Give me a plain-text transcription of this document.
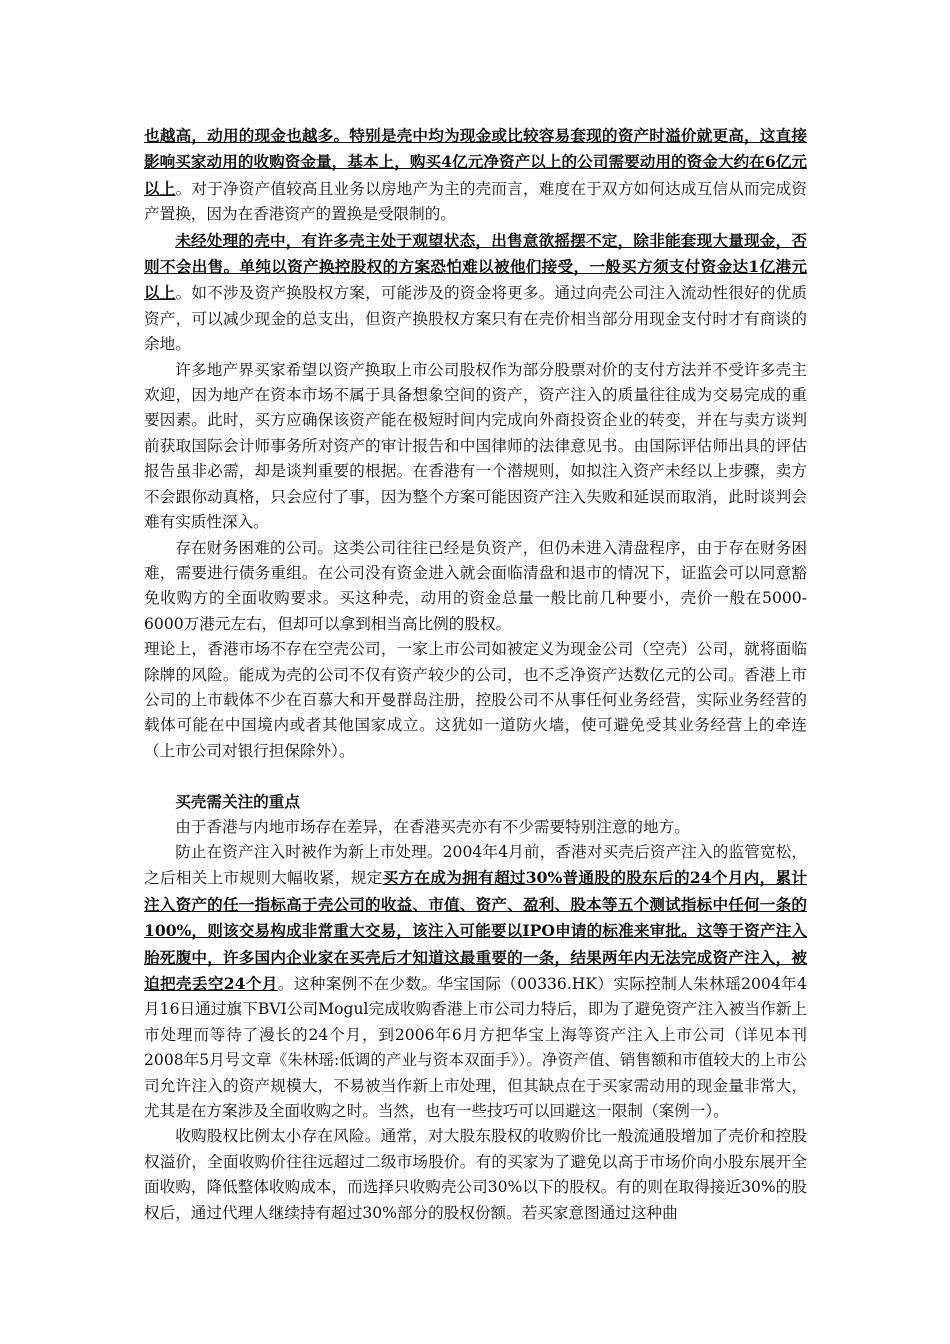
也越高，动用的现金也越多。特别是壳中均为现金或比较容易套现的资产时溢价就更高，这直接影响买家动用的收购资金量，基本上，购买4亿元净资产以上的公司需要动用的资金大约在6亿元以上。对于净资产值较高且业务以房地产为主的壳而言，难度在于双方如何达成互信从而完成资产置换，因为在香港资产的置换是受限制的。

未经处理的壳中，有许多壳主处于观望状态，出售意欲摇摆不定，除非能套现大量现金，否则不会出售。单纯以资产换控股权的方案恐怕难以被他们接受，一般买方须支付资金达1亿港元以上。如不涉及资产换股权方案，可能涉及的资金将更多。通过向壳公司注入流动性很好的优质资产，可以减少现金的总支出，但资产换股权方案只有在壳价相当部分用现金支付时才有商谈的余地。

许多地产界买家希望以资产换取上市公司股权作为部分股票对价的支付方法并不受许多壳主欢迎，因为地产在资本市场不属于具备想象空间的资产，资产注入的质量往往成为交易完成的重要因素。此时，买方应确保该资产能在极短时间内完成向外商投资企业的转变，并在与卖方谈判前获取国际会计师事务所对资产的审计报告和中国律师的法律意见书。由国际评估师出具的评估报告虽非必需，却是谈判重要的根据。在香港有一个潜规则，如拟注入资产未经以上步骤，卖方不会跟你动真格，只会应付了事，因为整个方案可能因资产注入失败和延误而取消，此时谈判会难有实质性深入。

存在财务困难的公司。这类公司往往已经是负资产，但仍未进入清盘程序，由于存在财务困难，需要进行债务重组。在公司没有资金进入就会面临清盘和退市的情况下，证监会可以同意豁免收购方的全面收购要求。买这种壳，动用的资金总量一般比前几种要小，壳价一般在5000-6000万港元左右，但却可以拿到相当高比例的股权。

理论上，香港市场不存在空壳公司，一家上市公司如被定义为现金公司（空壳）公司，就将面临除牌的风险。能成为壳的公司不仅有资产较少的公司，也不乏净资产达数亿元的公司。香港上市公司的上市载体不少在百慕大和开曼群岛注册，控股公司不从事任何业务经营，实际业务经营的载体可能在中国境内或者其他国家成立。这犹如一道防火墙，使可避免受其业务经营上的牵连（上市公司对银行担保除外）。

买壳需关注的重点

由于香港与内地市场存在差异，在香港买壳亦有不少需要特别注意的地方。

防止在资产注入时被作为新上市处理。2004年4月前，香港对买壳后资产注入的监管宽松，之后相关上市规则大幅收紧，规定买方在成为拥有超过30%普通股的股东后的24个月内，累计注入资产的任一指标高于壳公司的收益、市值、资产、盈利、股本等五个测试指标中任何一条的100%，则该交易构成非常重大交易，该注入可能要以IPO申请的标准来审批。这等于资产注入胎死腹中，许多国内企业家在买壳后才知道这最重要的一条，结果两年内无法完成资产注入，被迫把壳丢空24个月。这种案例不在少数。华宝国际（00336.HK）实际控制人朱林瑶2004年4月16日通过旗下BVI公司Mogul完成收购香港上市公司力特后，即为了避免资产注入被当作新上市处理而等待了漫长的24个月，到2006年6月方把华宝上海等资产注入上市公司（详见本刊2008年5月号文章《朱林瑶:低调的产业与资本双面手》）。净资产值、销售额和市值较大的上市公司允许注入的资产规模大，不易被当作新上市处理，但其缺点在于买家需动用的现金量非常大，尤其是在方案涉及全面收购之时。当然，也有一些技巧可以回避这一限制（案例一）。

收购股权比例太小存在风险。通常，对大股东股权的收购价比一般流通股增加了壳价和控股权溢价，全面收购价往往远超过二级市场股价。有的买家为了避免以高于市场价向小股东展开全面收购，降低整体收购成本，而选择只收购壳公司30%以下的股权。有的则在取得接近30%的股权后，通过代理人继续持有超过30%部分的股权份额。若买家意图通过这种曲
